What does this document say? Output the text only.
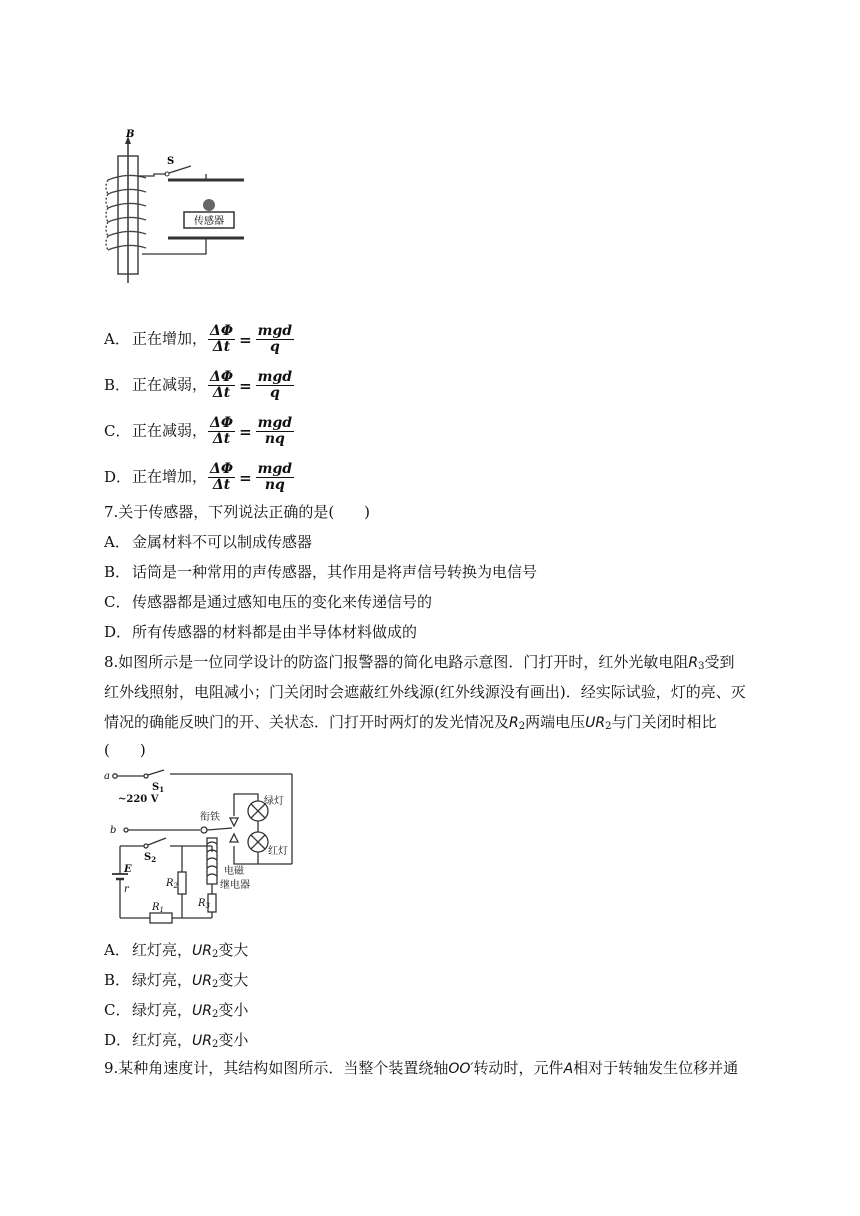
B
S
传感器
A． 正在增加， $\frac{\Delta\Phi}{\Delta t} = \frac{\text{mgd}}{q}$
B． 正在减弱， $\frac{\Delta\Phi}{\Delta t} = \frac{\text{mgd}}{q}$
C． 正在减弱， $\frac{\Delta\Phi}{\Delta t} = \frac{\text{mgd}}{nq}$
D．正在增加， $\frac{\Delta\Phi}{\Delta t} = \frac{\text{mgd}}{nq}$
7.关于传感器，下列说法正确的是(　　)
A． 金属材料不可以制成传感器
B． 话筒是一种常用的声传感器，其作用是将声信号转换为电信号
C． 传感器都是通过感知电压的变化来传递信号的
D．所有传感器的材料都是由半导体材料做成的
8.如图所示是一位同学设计的防盗门报警器的简化电路示意图．门打开时，红外光敏电阻$R_3$受到
红外线照射，电阻减小；门关闭时会遮蔽红外线源(红外线源没有画出)．经实际试验，灯的亮、灭
情况的确能反映门的开、关状态．门打开时两灯的发光情况及$R_2$两端电压$UR_2$与门关闭时相比
(　　)
a
$S_1$
~220 V
b
$S_2$
衔铁
绿灯
红灯
电磁
继电器
E
r
$R_1$
$R_2$
$R_3$
A． 红灯亮，$UR_2$变大
B． 绿灯亮，$UR_2$变大
C． 绿灯亮，$UR_2$变小
D．红灯亮，$UR_2$变小
9.某种角速度计，其结构如图所示．当整个装置绕轴OO′转动时，元件A相对于转轴发生位移并通
